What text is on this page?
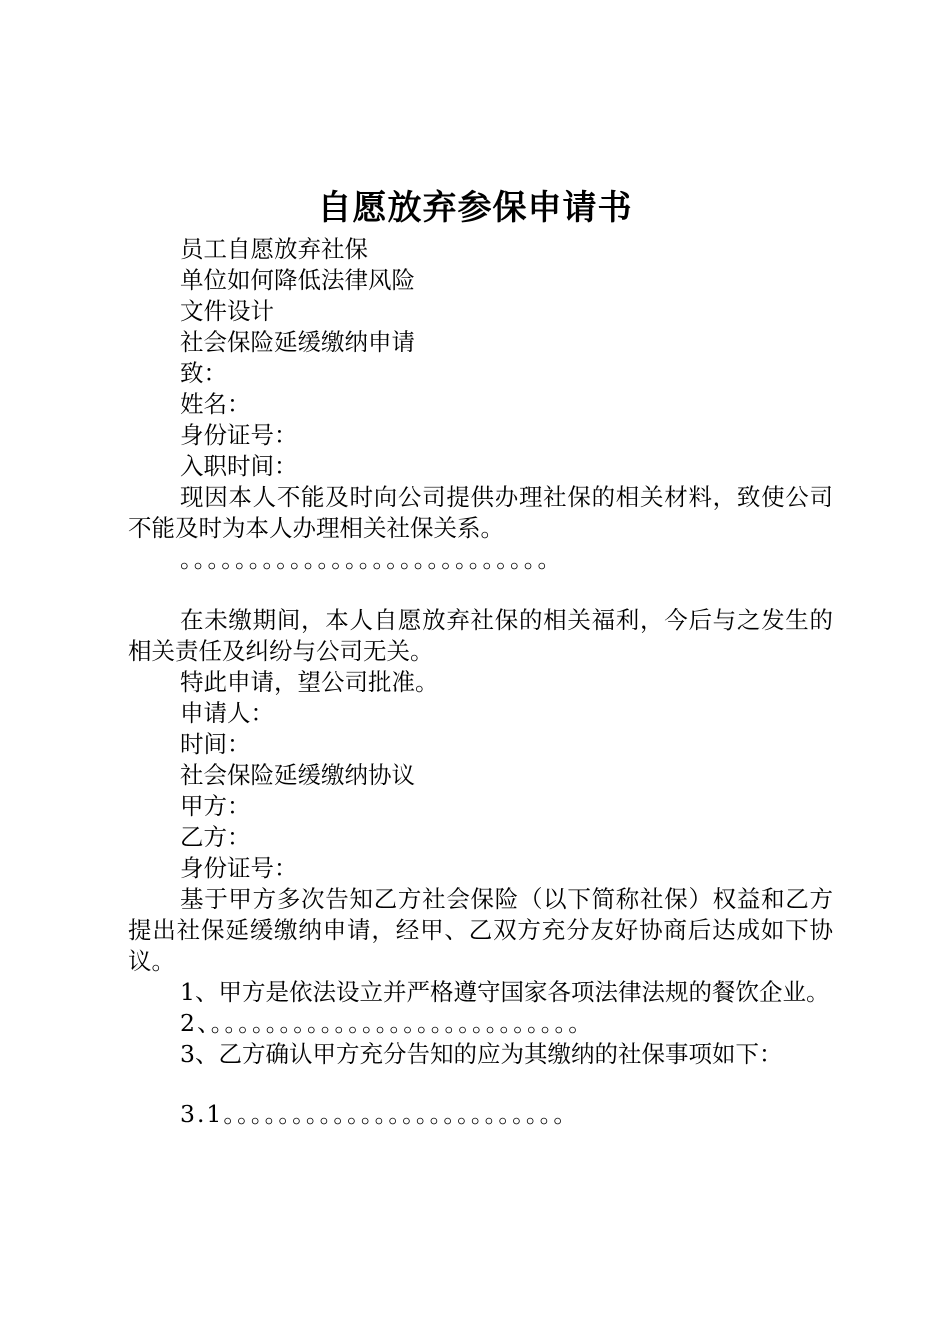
自愿放弃参保申请书

员工自愿放弃社保

单位如何降低法律风险

文件设计

社会保险延缓缴纳申请

致：

姓名：

身份证号：

入职时间：

现因本人不能及时向公司提供办理社保的相关材料，致使公司不能及时为本人办理相关社保关系。

。。。。。。。。。。。。。。。。。。。。。。。。。。。

在未缴期间，本人自愿放弃社保的相关福利，今后与之发生的相关责任及纠纷与公司无关。

特此申请，望公司批准。

申请人：

时间：

社会保险延缓缴纳协议

甲方：

乙方：

身份证号：

基于甲方多次告知乙方社会保险（以下简称社保）权益和乙方提出社保延缓缴纳申请，经甲、乙双方充分友好协商后达成如下协议。

1、甲方是依法设立并严格遵守国家各项法律法规的餐饮企业。

2、。。。。。。。。。。。。。。。。。。。。。。。。。。。

3、乙方确认甲方充分告知的应为其缴纳的社保事项如下：

3.1。。。。。。。。。。。。。。。。。。。。。。。。。
